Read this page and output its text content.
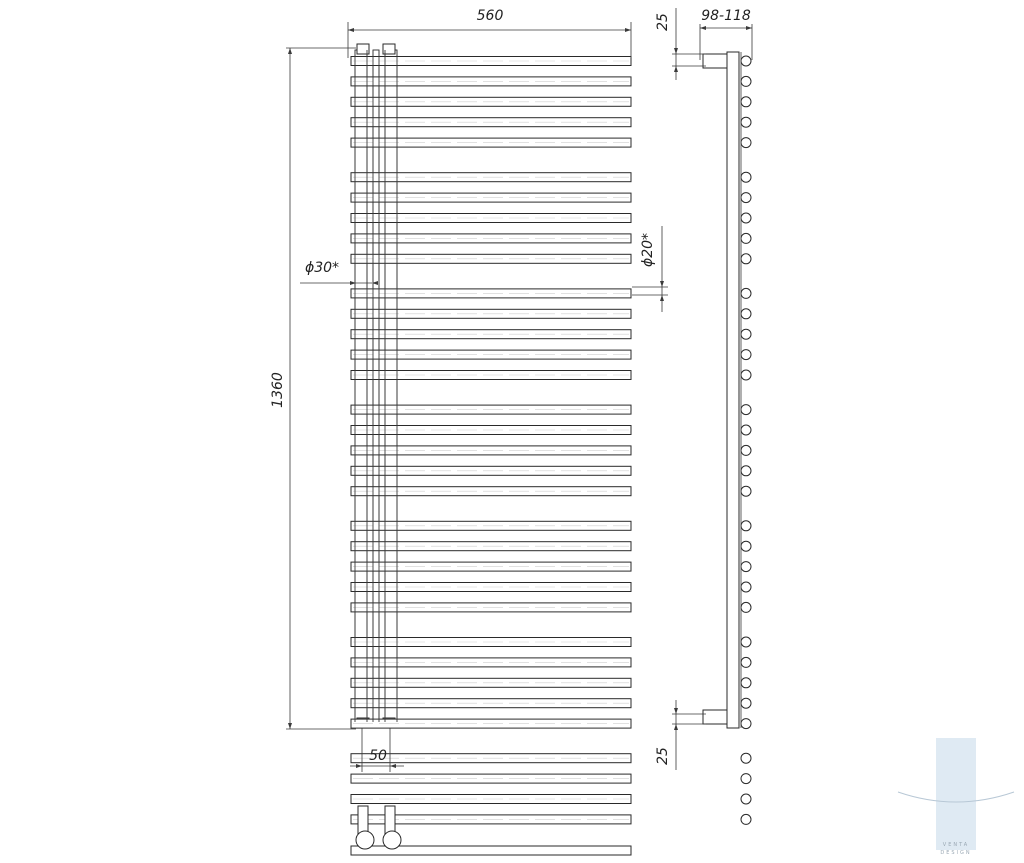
560
1360
98-118
25
25
50
ϕ30*
ϕ20*
VENTA
DESIGN
